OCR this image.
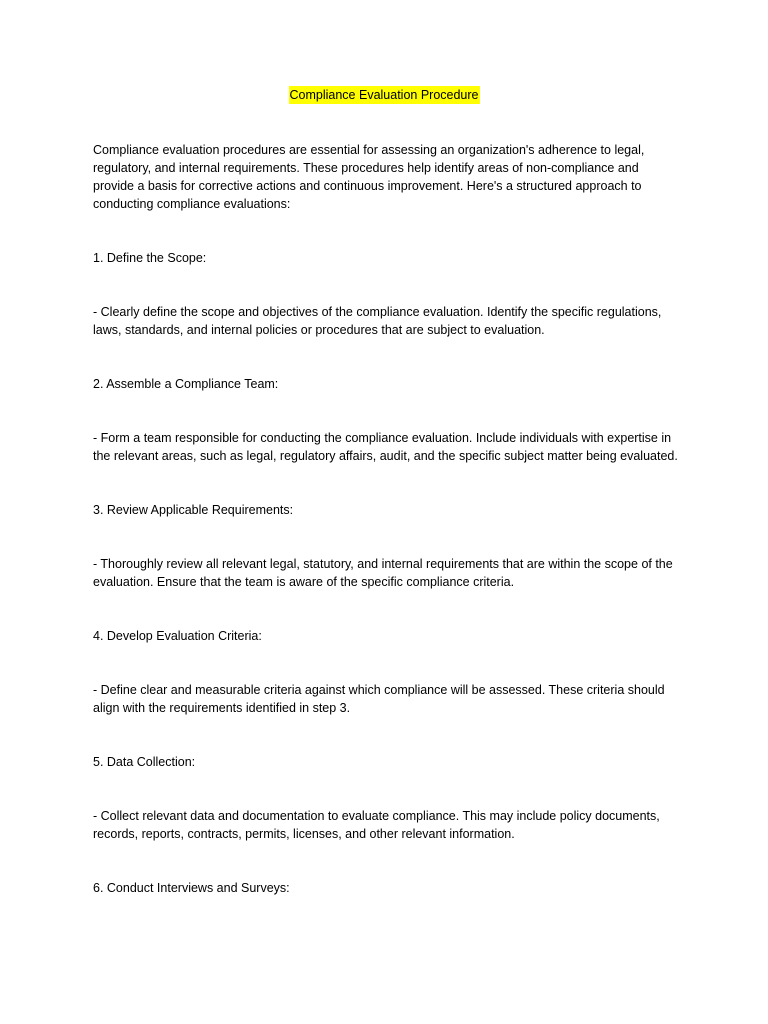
Compliance Evaluation Procedure

Compliance evaluation procedures are essential for assessing an organization's adherence to legal, regulatory, and internal requirements. These procedures help identify areas of non-compliance and provide a basis for corrective actions and continuous improvement. Here's a structured approach to conducting compliance evaluations:

1. Define the Scope:

- Clearly define the scope and objectives of the compliance evaluation. Identify the specific regulations, laws, standards, and internal policies or procedures that are subject to evaluation.

2. Assemble a Compliance Team:

- Form a team responsible for conducting the compliance evaluation. Include individuals with expertise in the relevant areas, such as legal, regulatory affairs, audit, and the specific subject matter being evaluated.

3. Review Applicable Requirements:

- Thoroughly review all relevant legal, statutory, and internal requirements that are within the scope of the evaluation. Ensure that the team is aware of the specific compliance criteria.

4. Develop Evaluation Criteria:

- Define clear and measurable criteria against which compliance will be assessed. These criteria should align with the requirements identified in step 3.

5. Data Collection:

- Collect relevant data and documentation to evaluate compliance. This may include policy documents, records, reports, contracts, permits, licenses, and other relevant information.

6. Conduct Interviews and Surveys:
